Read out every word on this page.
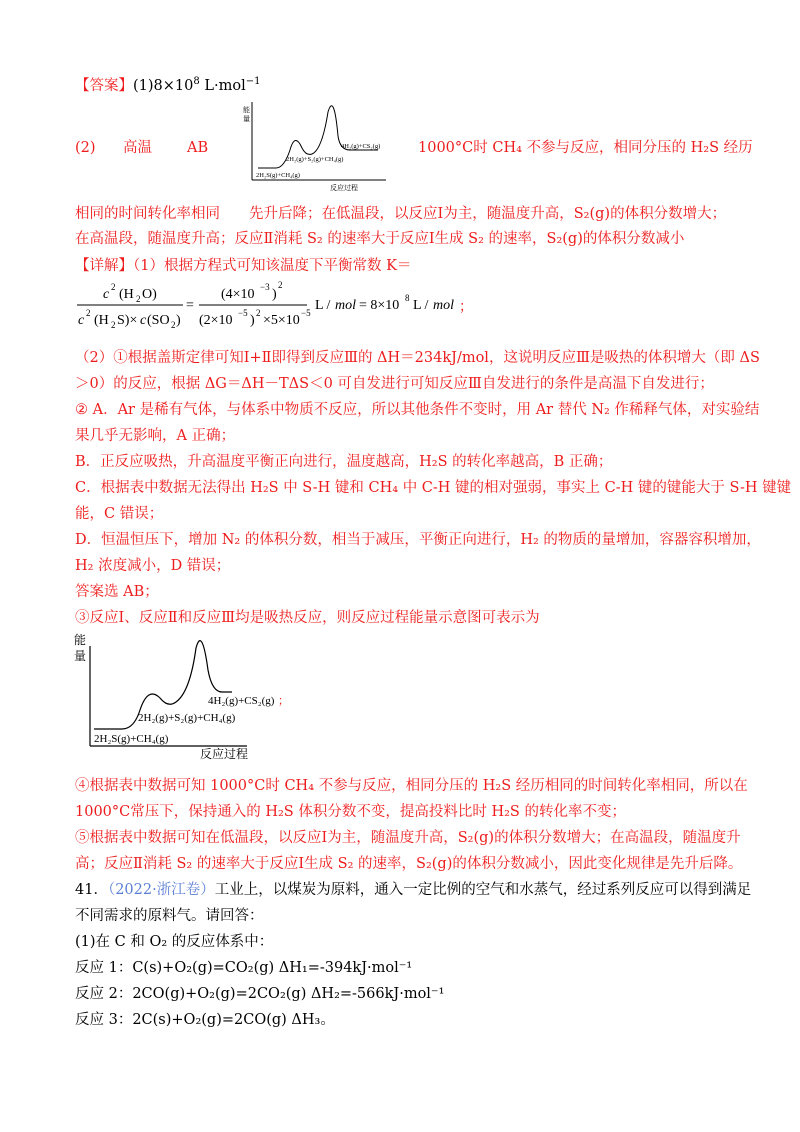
【答案】$(1)8\times 10^8$ L·mol$^{-1}$
(2) 高温 AB
能
量
2H₂S(g)+CH₄(g)
2H₂(g)+S₂(g)+CH₄(g)
4H₂(g)+CS₂(g)
反应过程
1000°C时 CH₄ 不参与反应，相同分压的 H₂S 经历
相同的时间转化率相同　　先升后降；在低温段，以反应Ⅰ为主，随温度升高，S₂(g)的体积分数增大；
在高温段，随温度升高；反应Ⅱ消耗 S₂ 的速率大于反应Ⅰ生成 S₂ 的速率，S₂(g)的体积分数减小
【详解】（1）根据方程式可知该温度下平衡常数 K＝
c 2 (H 2 O)
c 2 (H 2 S)× c (SO 2 )
=
(4×10 −3 )
2
(2×10 −5 ) 2 ×5×10 −5 L / mol = 8×10 8 L / mol ；
（2）①根据盖斯定律可知Ⅰ+Ⅱ即得到反应Ⅲ的 ΔH＝234kJ/mol，这说明反应Ⅲ是吸热的体积增大（即 ΔS
＞0）的反应，根据 ΔG＝ΔH－TΔS＜0 可自发进行可知反应Ⅲ自发进行的条件是高温下自发进行；
② A．Ar 是稀有气体，与体系中物质不反应，所以其他条件不变时，用 Ar 替代 N₂ 作稀释气体，对实验结
果几乎无影响，A 正确；
B．正反应吸热，升高温度平衡正向进行，温度越高，H₂S 的转化率越高，B 正确；
C．根据表中数据无法得出 H₂S 中 S-H 键和 CH₄ 中 C-H 键的相对强弱，事实上 C-H 键的键能大于 S-H 键键
能，C 错误；
D．恒温恒压下，增加 N₂ 的体积分数，相当于减压，平衡正向进行，H₂ 的物质的量增加，容器容积增加，
H₂ 浓度减小，D 错误；
答案选 AB；
③反应Ⅰ、反应Ⅱ和反应Ⅲ均是吸热反应，则反应过程能量示意图可表示为
能
量
2H₂S(g)+CH₄(g)
2H₂(g)+S₂(g)+CH₄(g)
4H₂(g)+CS₂(g) ；
反应过程
④根据表中数据可知 1000°C时 CH₄ 不参与反应，相同分压的 H₂S 经历相同的时间转化率相同，所以在
1000°C常压下，保持通入的 H₂S 体积分数不变，提高投料比时 H₂S 的转化率不变；
⑤根据表中数据可知在低温段，以反应Ⅰ为主，随温度升高，S₂(g)的体积分数增大；在高温段，随温度升
高；反应Ⅱ消耗 S₂ 的速率大于反应Ⅰ生成 S₂ 的速率，S₂(g)的体积分数减小，因此变化规律是先升后降。
41．（2022·浙江卷）工业上，以煤炭为原料，通入一定比例的空气和水蒸气，经过系列反应可以得到满足
不同需求的原料气。请回答：
(1)在 C 和 O₂ 的反应体系中：
反应 1：C(s)+O₂(g)=CO₂(g) ΔH₁=-394kJ·mol⁻¹
反应 2：2CO(g)+O₂(g)=2CO₂(g) ΔH₂=-566kJ·mol⁻¹
反应 3：2C(s)+O₂(g)=2CO(g) ΔH₃。
